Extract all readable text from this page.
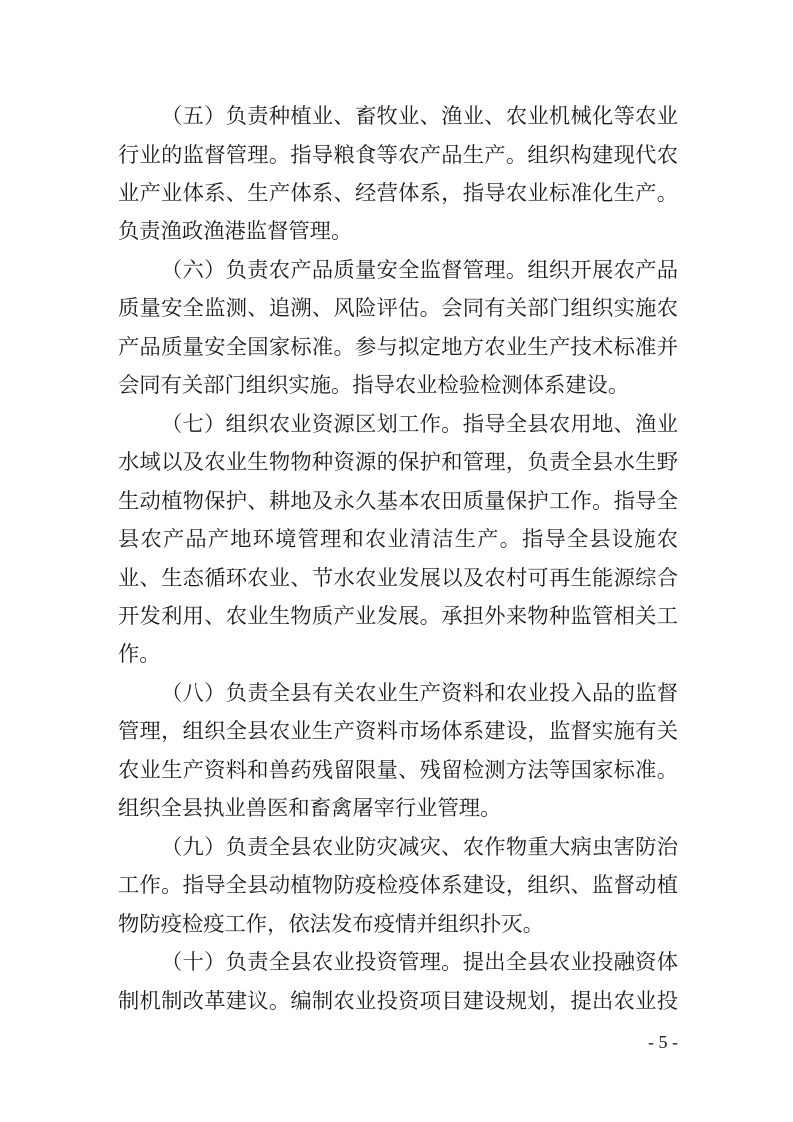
（五）负责种植业、畜牧业、渔业、农业机械化等农业
行业的监督管理。指导粮食等农产品生产。组织构建现代农
业产业体系、生产体系、经营体系，指导农业标准化生产。
负责渔政渔港监督管理。
（六）负责农产品质量安全监督管理。组织开展农产品
质量安全监测、追溯、风险评估。会同有关部门组织实施农
产品质量安全国家标准。参与拟定地方农业生产技术标准并
会同有关部门组织实施。指导农业检验检测体系建设。
（七）组织农业资源区划工作。指导全县农用地、渔业
水域以及农业生物物种资源的保护和管理，负责全县水生野
生动植物保护、耕地及永久基本农田质量保护工作。指导全
县农产品产地环境管理和农业清洁生产。指导全县设施农
业、生态循环农业、节水农业发展以及农村可再生能源综合
开发利用、农业生物质产业发展。承担外来物种监管相关工
作。
（八）负责全县有关农业生产资料和农业投入品的监督
管理，组织全县农业生产资料市场体系建设，监督实施有关
农业生产资料和兽药残留限量、残留检测方法等国家标准。
组织全县执业兽医和畜禽屠宰行业管理。
（九）负责全县农业防灾减灾、农作物重大病虫害防治
工作。指导全县动植物防疫检疫体系建设，组织、监督动植
物防疫检疫工作，依法发布疫情并组织扑灭。
（十）负责全县农业投资管理。提出全县农业投融资体
制机制改革建议。编制农业投资项目建设规划，提出农业投
- 5 -
